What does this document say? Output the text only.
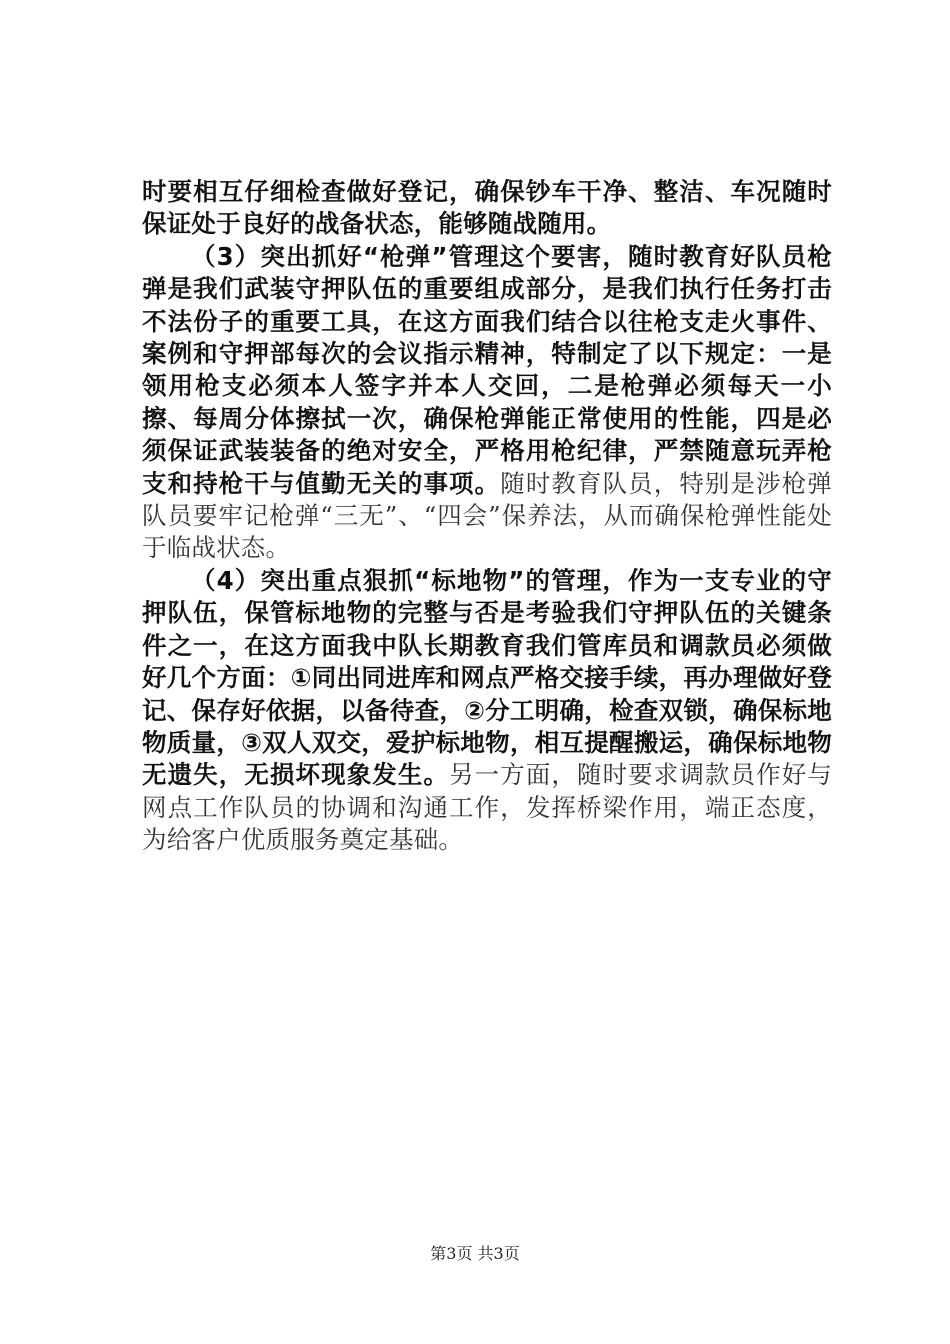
时要相互仔细检查做好登记，确保钞车干净、整洁、车况随时保证处于良好的战备状态，能够随战随用。

（3）突出抓好“枪弹”管理这个要害，随时教育好队员枪弹是我们武装守押队伍的重要组成部分，是我们执行任务打击不法份子的重要工具，在这方面我们结合以往枪支走火事件、案例和守押部每次的会议指示精神，特制定了以下规定：一是领用枪支必须本人签字并本人交回，二是枪弹必须每天一小擦、每周分体擦拭一次，确保枪弹能正常使用的性能，四是必须保证武装装备的绝对安全，严格用枪纪律，严禁随意玩弄枪支和持枪干与值勤无关的事项。随时教育队员，特别是涉枪弹队员要牢记枪弹“三无”、“四会”保养法，从而确保枪弹性能处于临战状态。

（4）突出重点狠抓“标地物”的管理，作为一支专业的守押队伍，保管标地物的完整与否是考验我们守押队伍的关键条件之一，在这方面我中队长期教育我们管库员和调款员必须做好几个方面：①同出同进库和网点严格交接手续，再办理做好登记、保存好依据，以备待查，②分工明确，检查双锁，确保标地物质量，③双人双交，爱护标地物，相互提醒搬运，确保标地物无遗失，无损坏现象发生。另一方面，随时要求调款员作好与网点工作队员的协调和沟通工作，发挥桥梁作用，端正态度，为给客户优质服务奠定基础。

第3页 共3页
